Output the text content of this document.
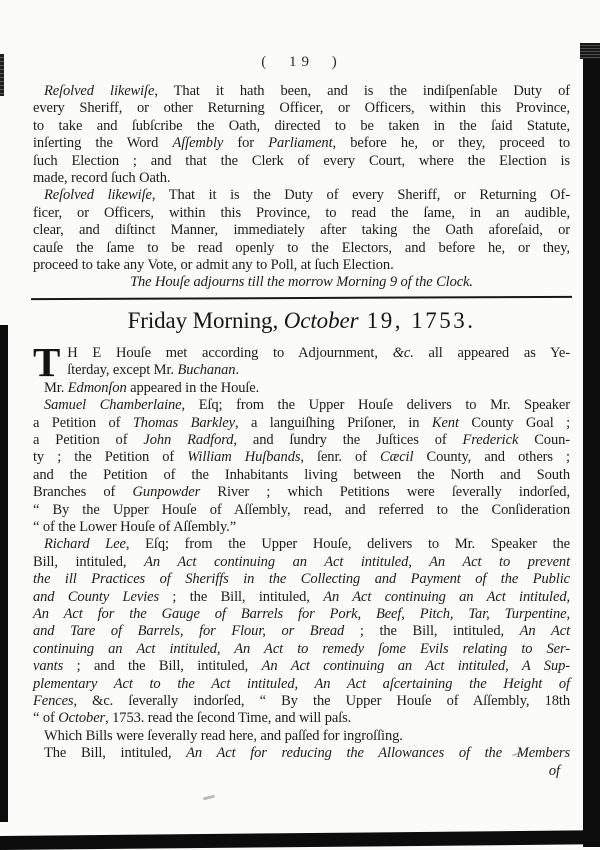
( 19 )
Reſolved likewiſe, That it hath been, and is the indiſpenſable Duty of
every Sheriff, or other Returning Officer, or Officers, within this Province,
to take and ſubſcribe the Oath, directed to be taken in the ſaid Statute,
inſerting the Word Aſſembly for Parliament, before he, or they, proceed to
ſuch Election ; and that the Clerk of every Court, where the Election is
made, record ſuch Oath.
Reſolved likewiſe, That it is the Duty of every Sheriff, or Returning Of-
ficer, or Officers, within this Province, to read the ſame, in an audible,
clear, and diſtinct Manner, immediately after taking the Oath aforeſaid, or
cauſe the ſame to be read openly to the Electors, and before he, or they,
proceed to take any Vote, or admit any to Poll, at ſuch Election.
The Houſe adjourns till the morrow Morning 9 of the Clock.
Friday Morning, October 19, 1753.
T H E Houſe met according to Adjournment, &c. all appeared as Ye-
ſterday, except Mr. Buchanan.
Mr. Edmonſon appeared in the Houſe.
Samuel Chamberlaine, Eſq; from the Upper Houſe delivers to Mr. Speaker
a Petition of Thomas Barkley, a languiſhing Priſoner, in Kent County Goal ;
a Petition of John Radford, and ſundry the Juſtices of Frederick Coun-
ty ; the Petition of William Huſbands, ſenr. of Cæcil County, and others ;
and the Petition of the Inhabitants living between the North and South
Branches of Gunpowder River ; which Petitions were ſeverally indorſed,
“ By the Upper Houſe of Aſſembly, read, and referred to the Conſideration
“ of the Lower Houſe of Aſſembly.”
Richard Lee, Eſq; from the Upper Houſe, delivers to Mr. Speaker the
Bill, intituled, An Act continuing an Act intituled, An Act to prevent
the ill Practices of Sheriffs in the Collecting and Payment of the Public
and County Levies ; the Bill, intituled, An Act continuing an Act intituled,
An Act for the Gauge of Barrels for Pork, Beef, Pitch, Tar, Turpentine,
and Tare of Barrels, for Flour, or Bread ; the Bill, intituled, An Act
continuing an Act intituled, An Act to remedy ſome Evils relating to Ser-
vants ; and the Bill, intituled, An Act continuing an Act intituled, A Sup-
plementary Act to the Act intituled, An Act aſcertaining the Height of
Fences, &c. ſeverally indorſed, “ By the Upper Houſe of Aſſembly, 18th
“ of October, 1753. read the ſecond Time, and will paſs.
Which Bills were ſeverally read here, and paſſed for ingroſſing.
The Bill, intituled, An Act for reducing the Allowances of the Members
of
